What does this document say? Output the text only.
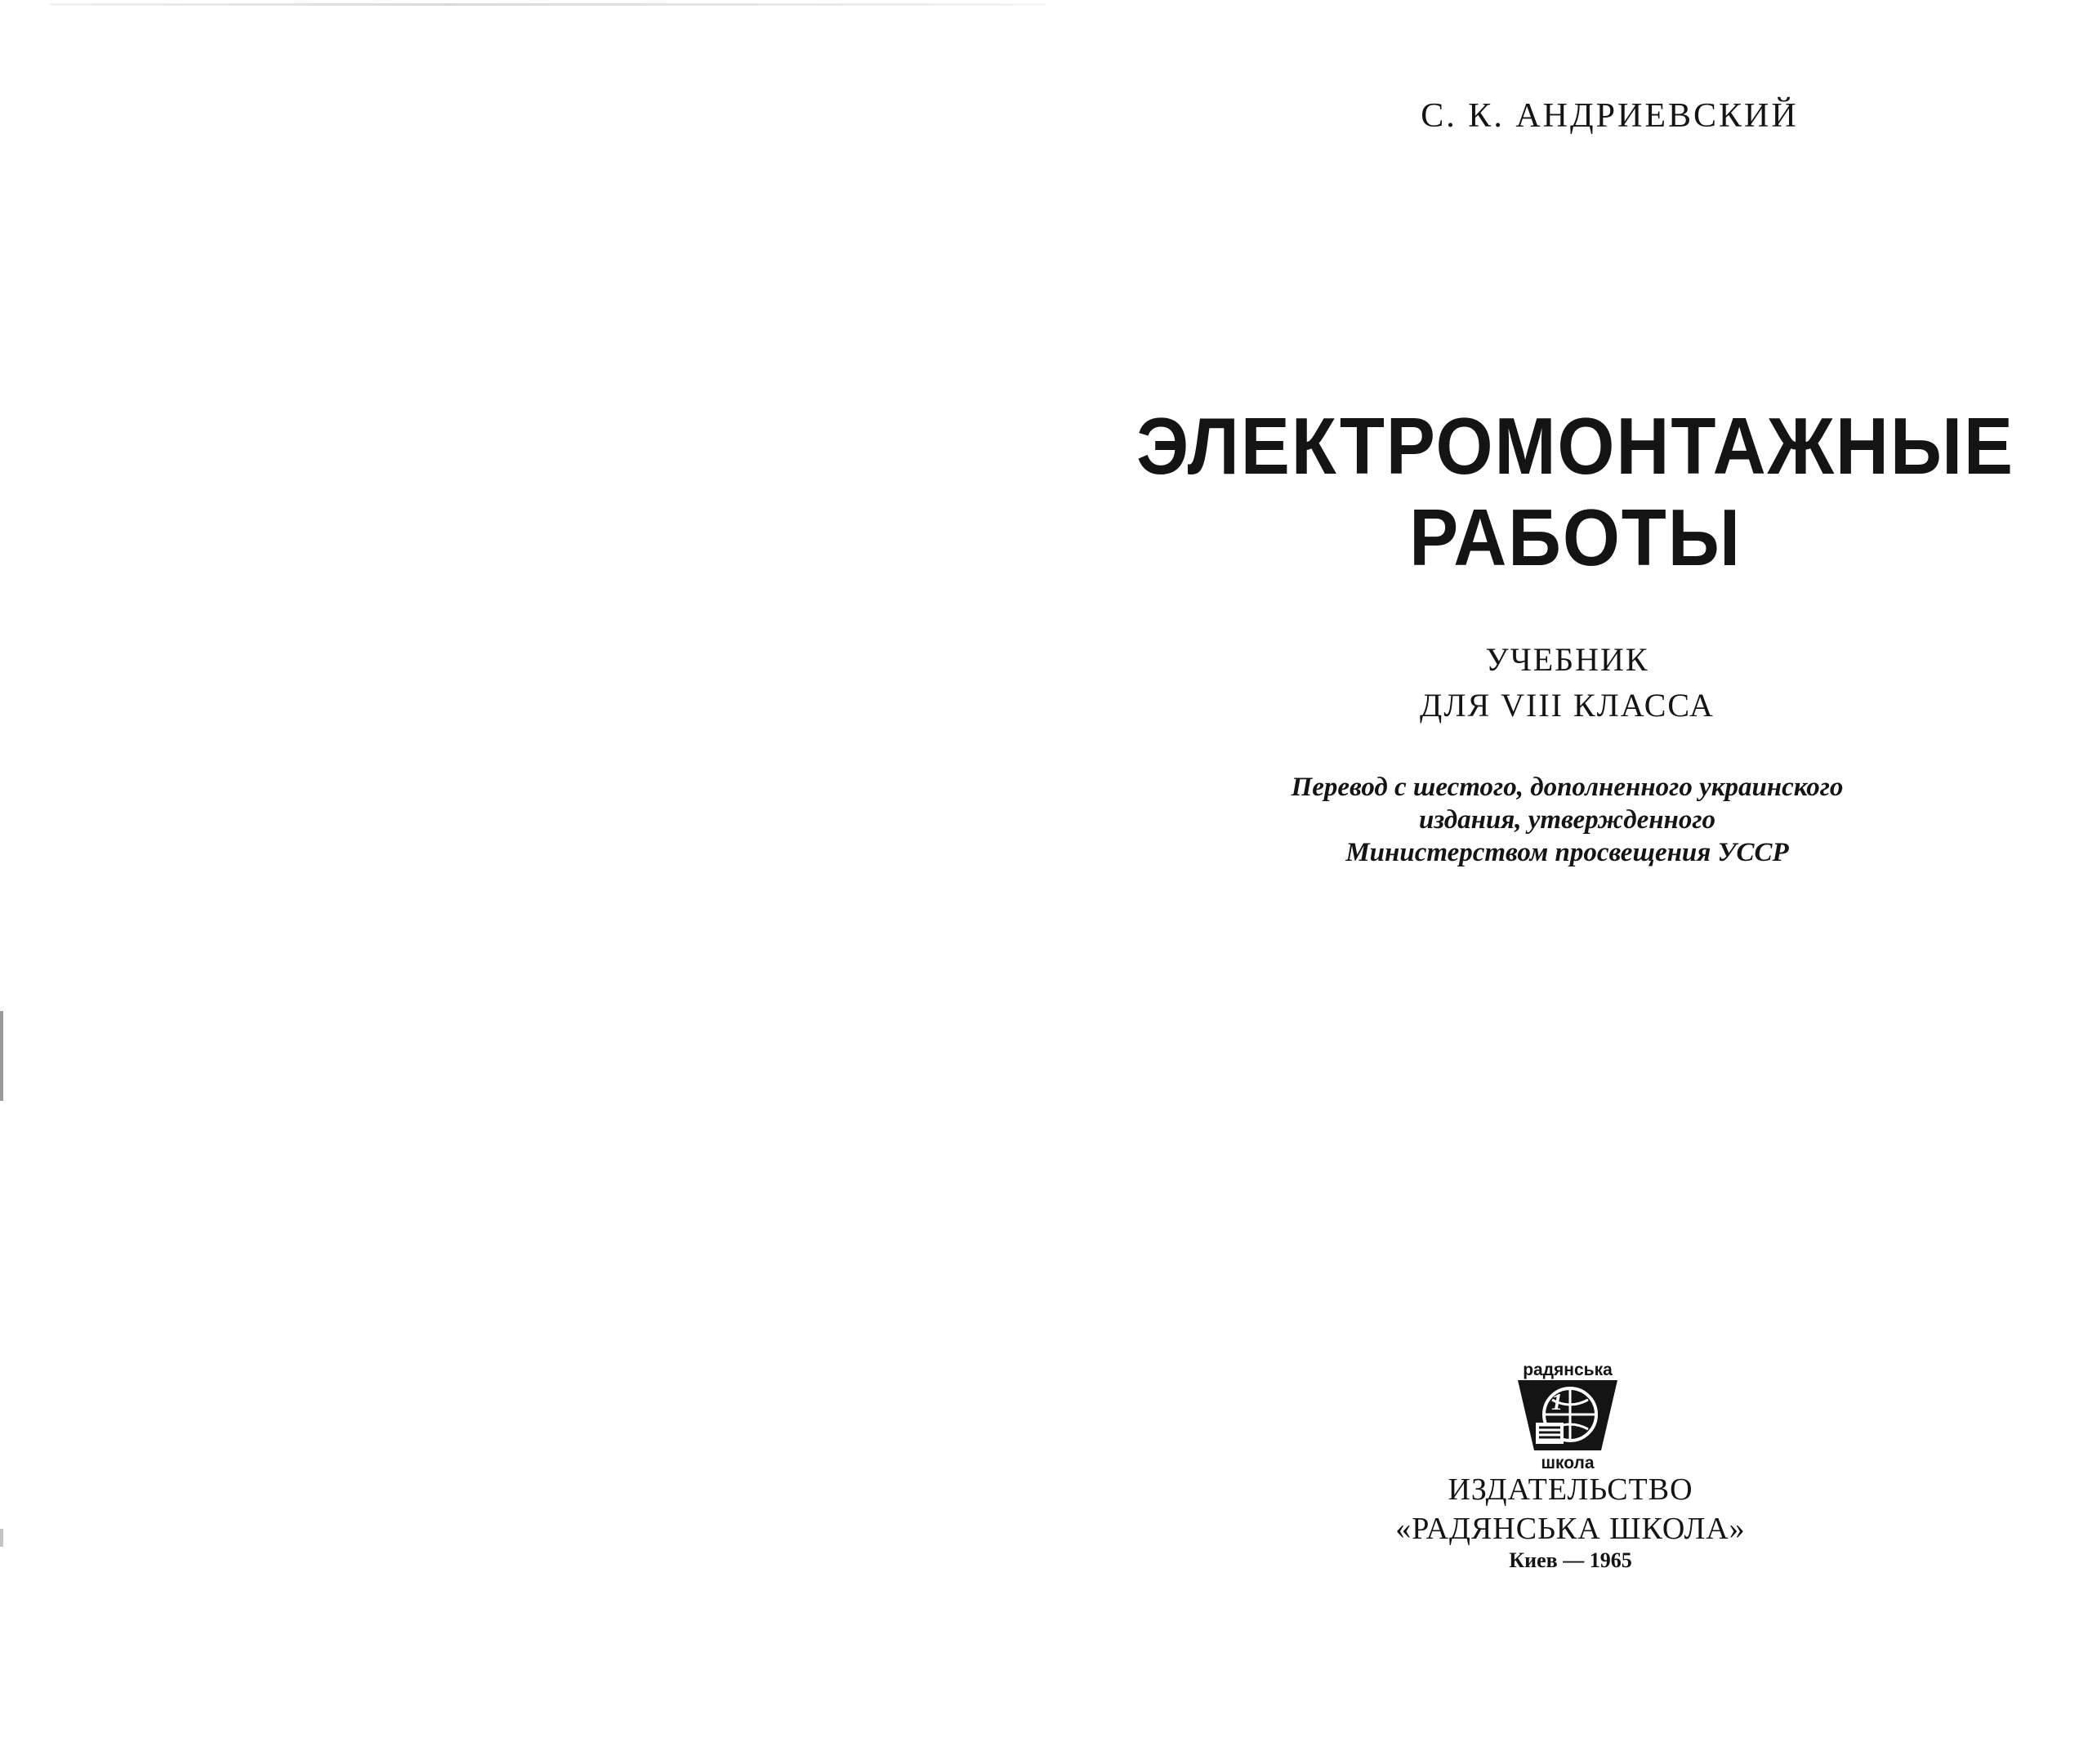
С. К. АНДРИЕВСКИЙ
ЭЛЕКТРОМОНТАЖНЫЕ
РАБОТЫ
УЧЕБНИК
ДЛЯ VIII КЛАССА
Перевод с шестого, дополненного украинского
издания, утвержденного
Министерством просвещения УССР
радянська
1
школа
ИЗДАТЕЛЬСТВО
«РАДЯНСЬКА ШКОЛА»
Киев — 1965
